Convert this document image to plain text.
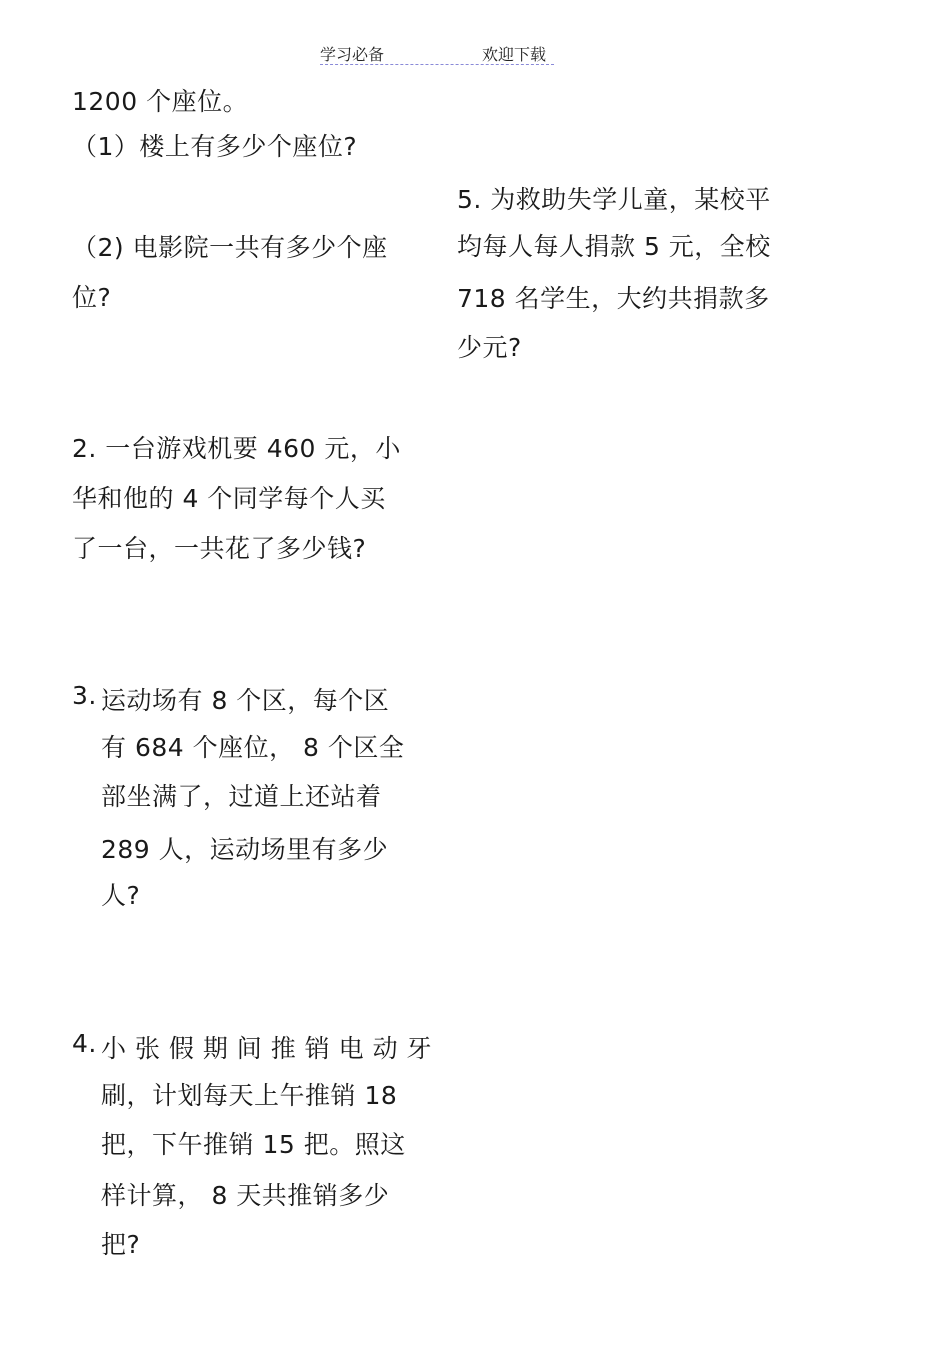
学习必备	欢迎下载
1200 个座位。
（1）楼上有多少个座位?
（2) 电影院一共有多少个座
位?
2. 一台游戏机要 460 元，小
华和他的 4 个同学每个人买
了一台，一共花了多少钱?
3. 运动场有 8 个区，每个区
有 684 个座位， 8 个区全
部坐满了，过道上还站着
289 人，运动场里有多少
人?
4. 小 张 假 期 间 推 销 电 动 牙
刷，计划每天上午推销 18
把，下午推销 15 把。照这
样计算， 8 天共推销多少
把?
5. 为救助失学儿童，某校平
均每人每人捐款 5 元，全校
718 名学生，大约共捐款多
少元?
